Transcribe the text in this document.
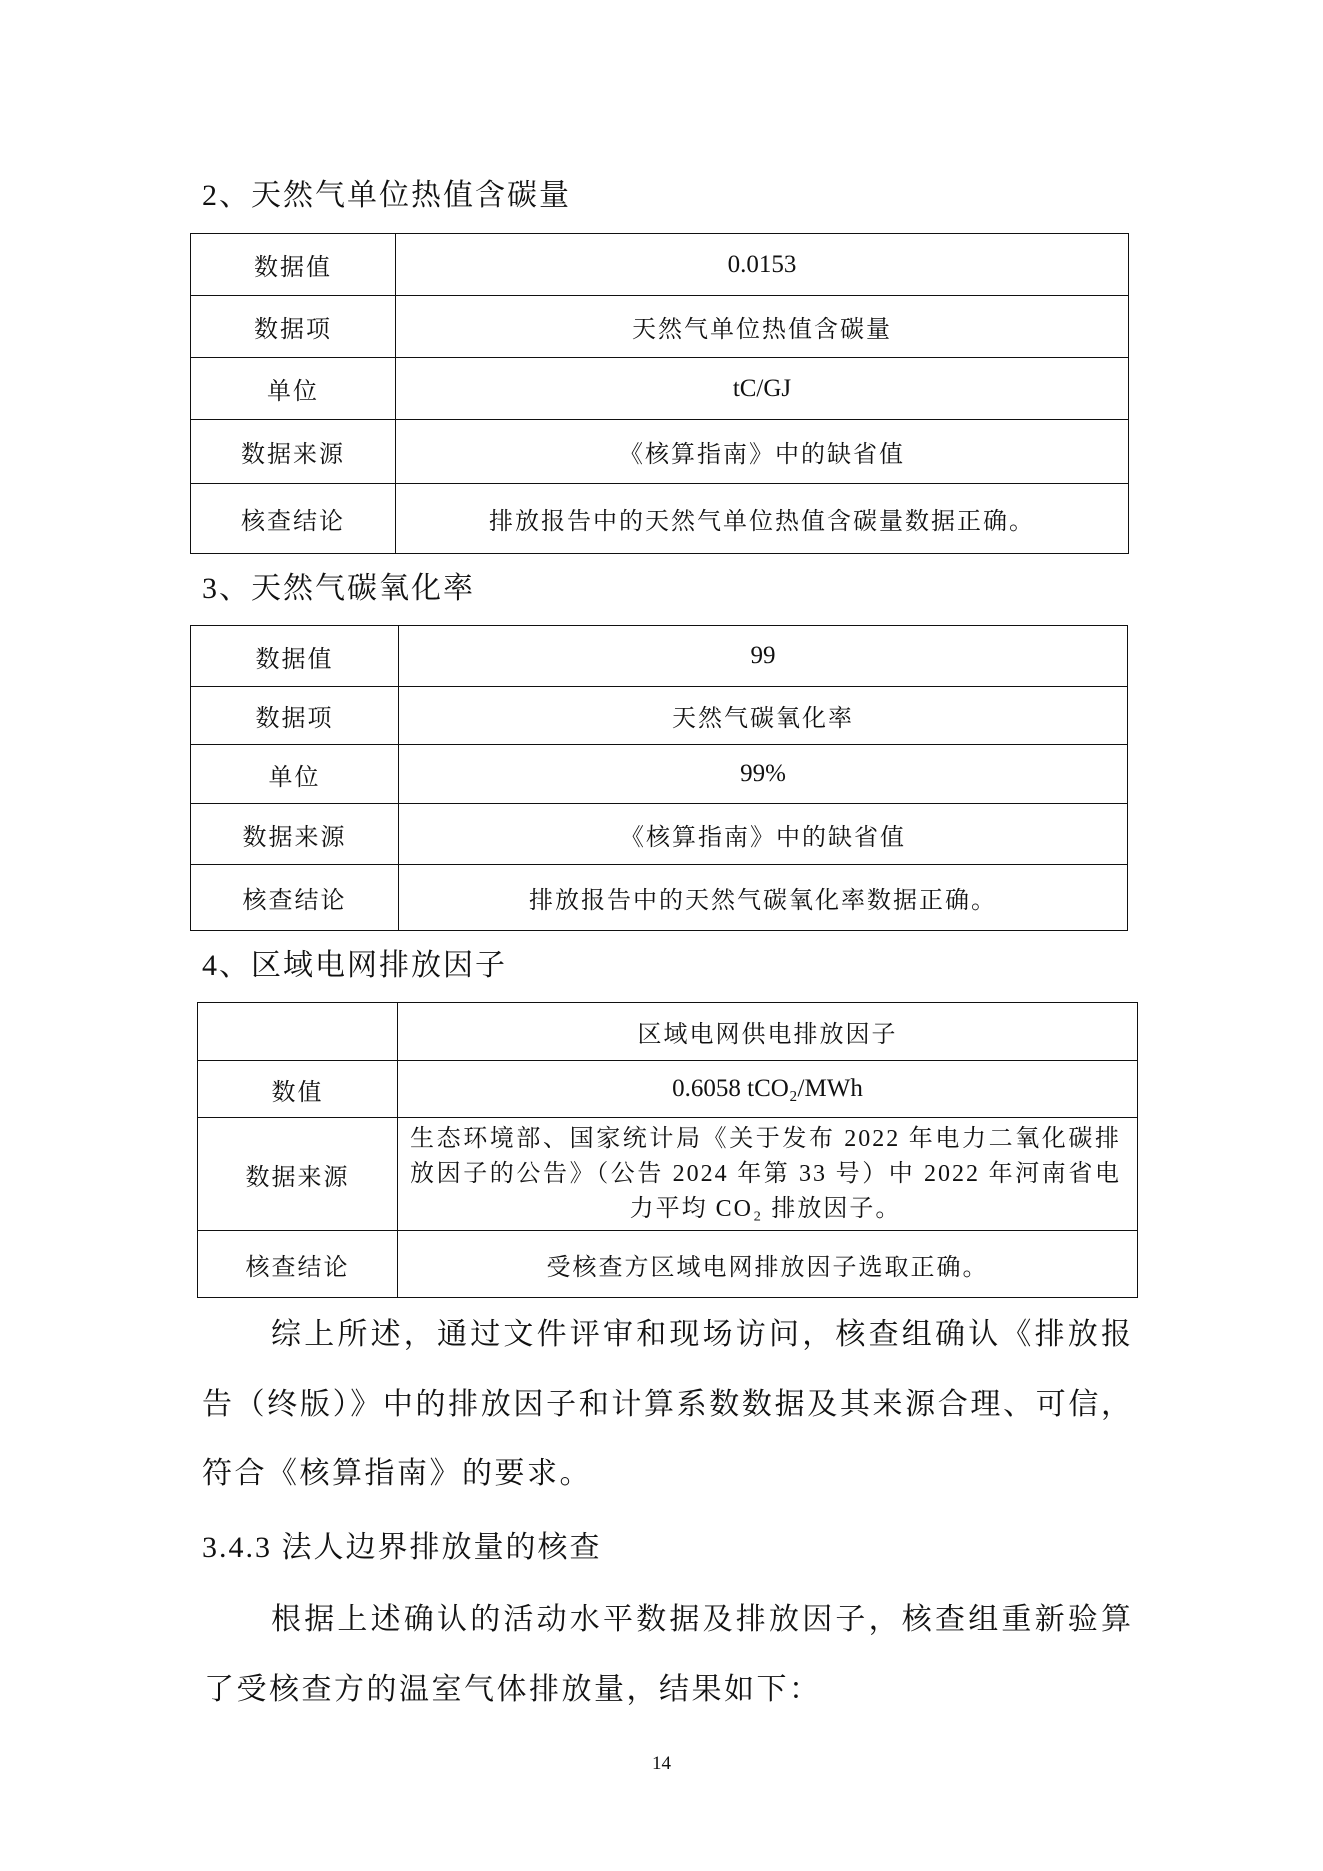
2、天然气单位热值含碳量
数据值	0.0153
数据项	天然气单位热值含碳量
单位	tC/GJ
数据来源	《核算指南》中的缺省值
核查结论	排放报告中的天然气单位热值含碳量数据正确。
3、天然气碳氧化率
数据值	99
数据项	天然气碳氧化率
单位	99%
数据来源	《核算指南》中的缺省值
核查结论	排放报告中的天然气碳氧化率数据正确。
4、区域电网排放因子
	区域电网供电排放因子
数值	0.6058 tCO₂/MWh
数据来源	生态环境部、国家统计局《关于发布 2022 年电力二氧化碳排
放因子的公告》（公告 2024 年第 33 号）中 2022 年河南省电
力平均 CO₂ 排放因子。

核查结论	受核查方区域电网排放因子选取正确。
综上所述，通过文件评审和现场访问，核查组确认《排放报
告（终版）》中的排放因子和计算系数数据及其来源合理、可信，
符合《核算指南》的要求。
3.4.3 法人边界排放量的核查
根据上述确认的活动水平数据及排放因子，核查组重新验算
了受核查方的温室气体排放量，结果如下：
14
